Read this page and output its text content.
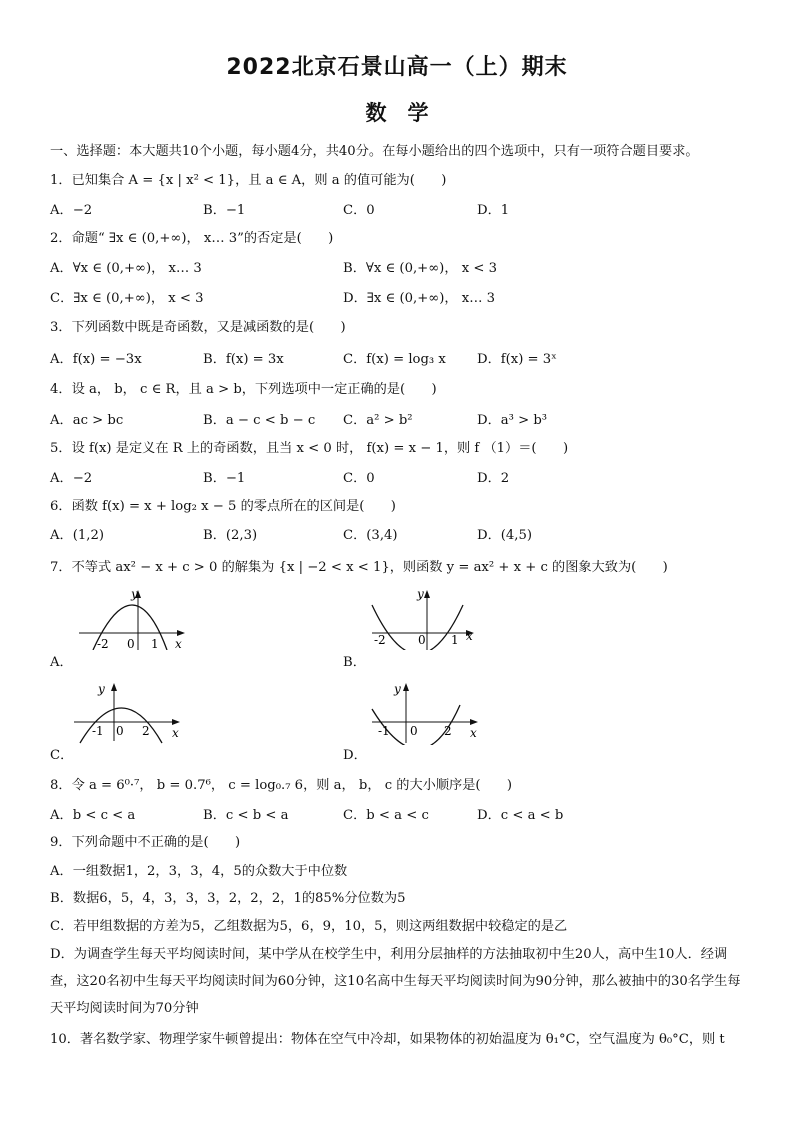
2022北京石景山高一（上）期末
数　学
一、选择题：本大题共10个小题，每小题4分，共40分。在每小题给出的四个选项中，只有一项符合题目要求。
1．已知集合 A = {x | x² < 1}，且 a ∈ A，则 a 的值可能为(　　)
A．−2	B．−1	C．0	D．1
2．命题“ ∃x ∈ (0,+∞)， x… 3”的否定是(　　)
A．∀x ∈ (0,+∞)， x… 3	B．∀x ∈ (0,+∞)， x < 3
C．∃x ∈ (0,+∞)， x < 3	D．∃x ∈ (0,+∞)， x… 3
3．下列函数中既是奇函数，又是减函数的是(　　)
A．f(x) = −3x	B．f(x) = 3x	C．f(x) = log₃ x D．f(x) = 3ˣ
4．设 a， b， c ∈ R，且 a > b，下列选项中一定正确的是(　　)
A．ac > bc	B．a − c < b − c C．a² > b²	D．a³ > b³
5．设 f(x) 是定义在 R 上的奇函数，且当 x < 0 时， f(x) = x − 1，则 f （1）＝(　　)
A．−2	B．−1	C．0	D．2
6．函数 f(x) = x + log₂ x − 5 的零点所在的区间是(　　)
A．(1,2)	B．(2,3)	C．(3,4)	D．(4,5)
7．不等式 ax² − x + c > 0 的解集为 {x | −2 < x < 1}，则函数 y = ax² + x + c 的图象大致为(　　)
y
x
0
-2	1
A．
y
x
0
-2	1
B．
y
x
0
-1	2
C．
y
x
0
-1	2
D．
8．令 a = 6⁰·⁷， b = 0.7⁶， c = log₀.₇ 6，则 a， b， c 的大小顺序是(　　)
A．b < c < a	B．c < b < a	C．b < a < c	D．c < a < b
9．下列命题中不正确的是(　　)
A．一组数据1，2，3，3，4，5的众数大于中位数
B．数据6，5，4，3，3，3，2，2，2，1的85%分位数为5
C．若甲组数据的方差为5，乙组数据为5，6，9，10，5，则这两组数据中较稳定的是乙
D．为调查学生每天平均阅读时间，某中学从在校学生中，利用分层抽样的方法抽取初中生20人，高中生10人．经调查，这20名初中生每天平均阅读时间为60分钟，这10名高中生每天平均阅读时间为90分钟，那么被抽中的30名学生每天平均阅读时间为70分钟
10．著名数学家、物理学家牛顿曾提出：物体在空气中冷却，如果物体的初始温度为 θ₁°C，空气温度为 θ₀°C，则 t
